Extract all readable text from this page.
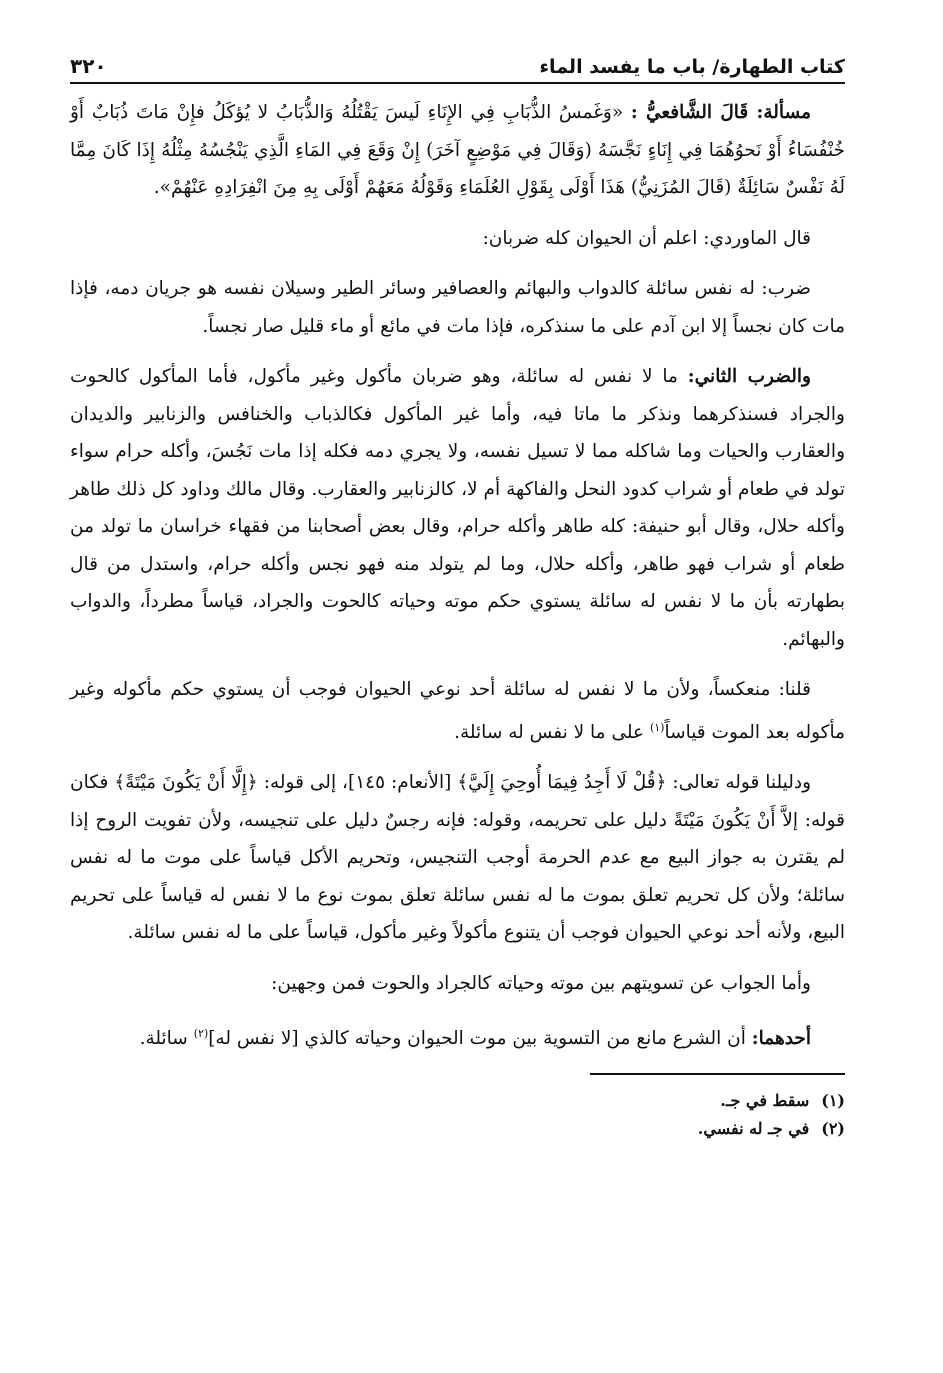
كتاب الطهارة/ باب ما يفسد الماء
٣٢٠

مسألة: قَالَ الشَّافعيُّ : «وَغَمسُ الذُّبَابِ فِي الإِنَاءِ لَيسَ يَقْتُلُهُ وَالذُّبَابُ لا يُؤكَلُ فإِنْ مَاتَ ذُبَابٌ أَوْ خُنْفُسَاءُ أَوْ نَحوُهُمَا فِي إِنَاءٍ نَجَّسَهُ (وَقَالَ فِي مَوْضِعٍ آخَرَ) إِنْ وَقَعَ فِي المَاءِ الَّذِي يَنْجُسُهُ مِثْلُهُ إِذَا كَانَ مِمَّا لَهُ نَفْسٌ سَائِلَةٌ (قَالَ المُزَنِيُّ) هَذَا أَوْلَى بِقَوْلِ العُلَمَاءِ وَقَوْلُهُ مَعَهُمْ أَوْلَى بِهِ مِنَ انْفِرَادِهِ عَنْهُمْ».

قال الماوردي: اعلم أن الحيوان كله ضربان:

ضرب: له نفس سائلة كالدواب والبهائم والعصافير وسائر الطير وسيلان نفسه هو جريان دمه، فإذا مات كان نجساً إلا ابن آدم على ما سنذكره، فإذا مات في مائع أو ماء قليل صار نجساً.

والضرب الثاني: ما لا نفس له سائلة، وهو ضربان مأكول وغير مأكول، فأما المأكول كالحوت والجراد فسنذكرهما ونذكر ما ماتا فيه، وأما غير المأكول فكالذباب والخنافس والزنابير والديدان والعقارب والحيات وما شاكله مما لا تسيل نفسه، ولا يجري دمه فكله إذا مات نَجُسَ، وأكله حرام سواء تولد في طعام أو شراب كدود النحل والفاكهة أم لا، كالزنابير والعقارب. وقال مالك وداود كل ذلك طاهر وأكله حلال، وقال أبو حنيفة: كله طاهر وأكله حرام، وقال بعض أصحابنا من فقهاء خراسان ما تولد من طعام أو شراب فهو طاهر، وأكله حلال، وما لم يتولد منه فهو نجس وأكله حرام، واستدل من قال بطهارته بأن ما لا نفس له سائلة يستوي حكم موته وحياته كالحوت والجراد، قياساً مطرداً، والدواب والبهائم.

قلنا: منعكساً، ولأن ما لا نفس له سائلة أحد نوعي الحيوان فوجب أن يستوي حكم مأكوله وغير مأكوله بعد الموت قياساً$^{(١)}$ على ما لا نفس له سائلة.

ودليلنا قوله تعالى: ﴿قُلْ لَا أَجِدُ فِيمَا أُوحِيَ إِلَيَّ﴾ [الأنعام: ١٤٥]، إلى قوله: ﴿إِلَّا أَنْ يَكُونَ مَيْتَةً﴾ فكان قوله: إلاَّ أَنْ يَكُونَ مَيْتَةً دليل على تحريمه، وقوله: فإنه رجسٌ دليل على تنجيسه، ولأن تفويت الروح إذا لم يقترن به جواز البيع مع عدم الحرمة أوجب التنجيس، وتحريم الأكل قياساً على موت ما له نفس سائلة؛ ولأن كل تحريم تعلق بموت ما له نفس سائلة تعلق بموت نوع ما لا نفس له قياساً على تحريم البيع، ولأنه أحد نوعي الحيوان فوجب أن يتنوع مأكولاً وغير مأكول، قياساً على ما له نفس سائلة.

وأما الجواب عن تسويتهم بين موته وحياته كالجراد والحوت فمن وجهين:

أحدهما: أن الشرع مانع من التسوية بين موت الحيوان وحياته كالذي [لا نفس له]$^{(٢)}$ سائلة.

(١)
سقط في جـ.
(٢)
في جـ له نفسي.
